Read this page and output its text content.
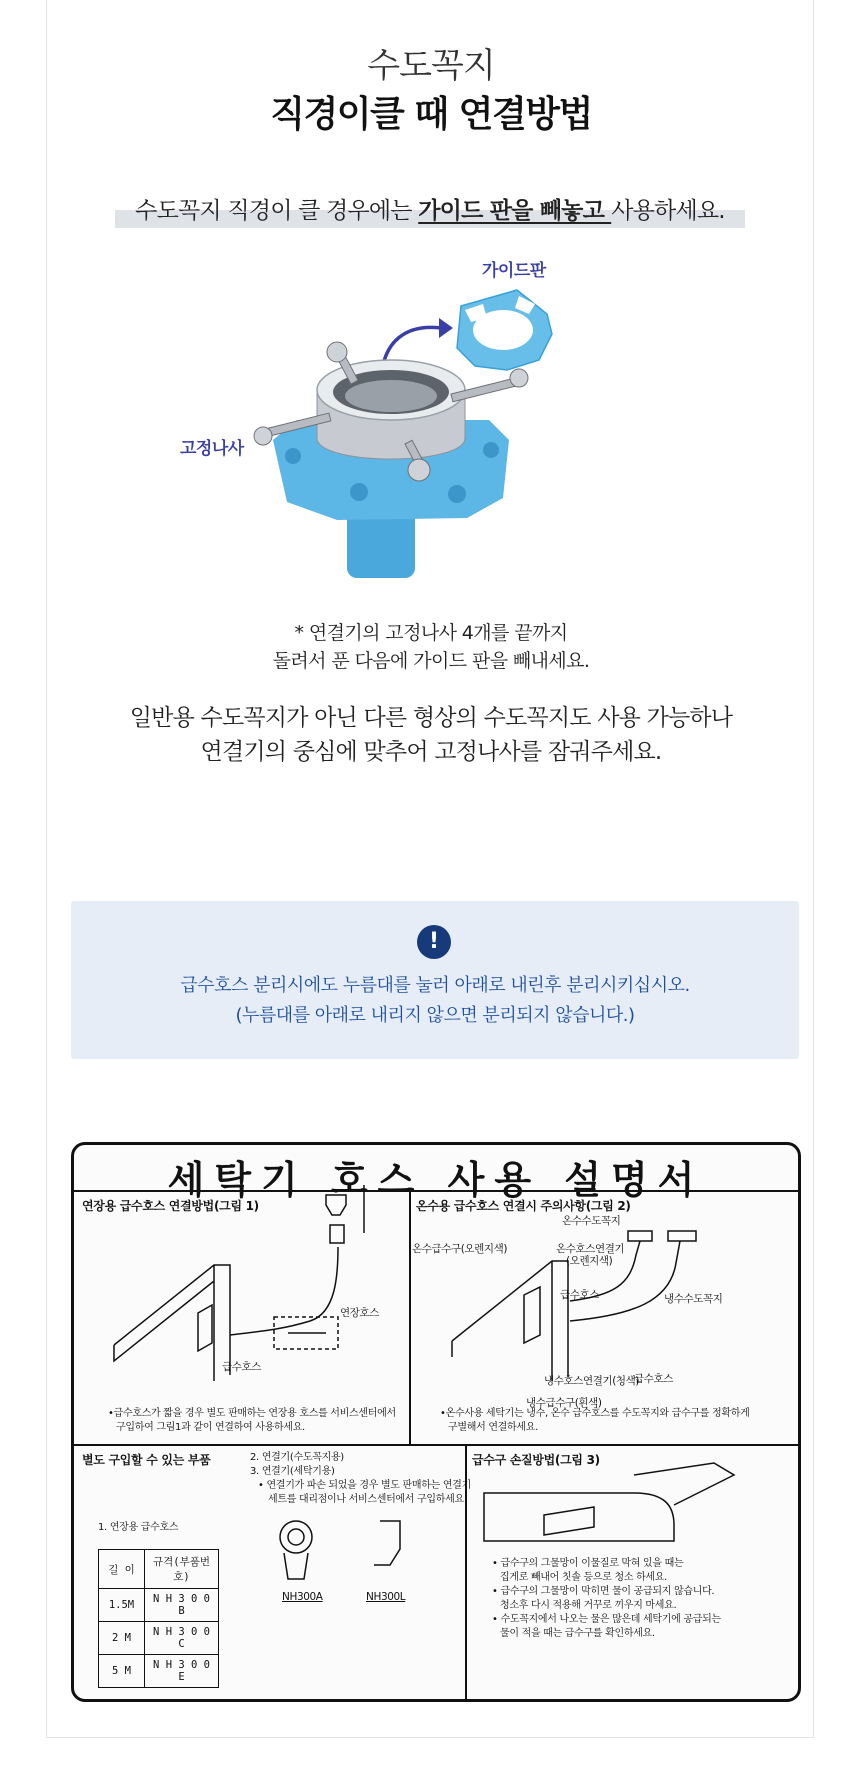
수도꼭지
직경이클 때 연결방법
수도꼭지 직경이 클 경우에는 가이드 판을 빼놓고 사용하세요.
가이드판
고정나사
* 연결기의 고정나사 4개를 끝까지
돌려서 푼 다음에 가이드 판을 빼내세요.
일반용 수도꼭지가 아닌 다른 형상의 수도꼭지도 사용 가능하나
연결기의 중심에 맞추어 고정나사를 잠궈주세요.
!
급수호스 분리시에도 누름대를 눌러 아래로 내린후 분리시키십시오.
(누름대를 아래로 내리지 않으면 분리되지 않습니다.)
세탁기 호스 사용 설명서
연장용 급수호스 연결방법(그림 1)
연장호스
급수호스
•급수호스가 짧을 경우 별도 판매하는 연장용 호스를 서비스센터에서
구입하여 그림1과 같이 연결하여 사용하세요.
온수용 급수호스 연결시 주의사항(그림 2)
온수수도꼭지
온수급수구(오렌지색)	온수호스연결기
(오렌지색)
급수호스	냉수수도꼭지
냉수호스연결기(청색)
급수호스
냉수급수구(흰색)
•온수사용 세탁기는 냉수, 온수 급수호스를 수도꼭지와 급수구를 정확하게
구별해서 연결하세요.
별도 구입할 수 있는 부품	2. 연결기(수도꼭지용)
3. 연결기(세탁기용)
• 연결기가 파손 되었을 경우 별도 판매하는 연결기
세트를 대리점이나 서비스센터에서 구입하세요.
1. 연장용 급수호스
길 이	규격(부품번호)
1.5M	N H 3 0 0 B
2 M	N H 3 0 0 C
5 M	N H 3 0 0 E
NH300A	NH300L
급수구 손질방법(그림 3)
• 급수구의 그물망이 이물질로 막혀 있을 때는
집게로 빼내어 칫솔 등으로 청소 하세요.
• 급수구의 그물망이 막히면 물이 공급되지 않습니다.
청소후 다시 적용해 거꾸로 끼우지 마세요.
• 수도꼭지에서 나오는 물은 많은데 세탁기에 공급되는
물이 적을 때는 급수구를 확인하세요.
